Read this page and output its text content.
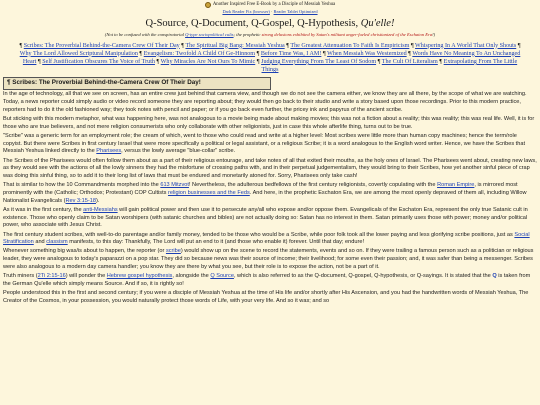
Another Inspired Free E-Book by a Disciple of Messiah Yeshua
Dark Reader Fix (browser) · Reader Tablet Optimized
Q-Source, Q-Document, Q-Gospel, Q-Hypothesis, Qu'elle!
(Not to be confused with the conspiratorial Q-type sociopolitical cults; the prophetic strong delusions exhibited by Satan's militant anger-fueled christianized of the Eschaton Era!)
¶ Scribes: The Proverbial Behind-the-Camera Crew Of Their Day ¶ The Spiritual Big Bang: Messiah Yeshua ¶ The Greatest Attenuation To Faith Is Empiricism ¶ Whispering In A World That Only Shouts ¶ Why The Lord Allowed Scriptural Manipulation ¶ Evangelism: Twofold A Child Of Ge-Hinnom ¶ Before Time Was, I AM! ¶ When Messiah Was Westernized ¶ Words Have No Meaning To An Unchanged Heart ¶ Self Justification Obscures The Voice of Truth ¶ Why Miracles Are Not Ours To Mimic ¶ Judging Everything From The Least Of Sodom ¶ The Cult Of Literalism ¶ Extrapolating From The Little Things
¶ Scribes: The Proverbial Behind-the-Camera Crew Of Their Day!

In the age of technology, all that we see on screen, has an entire crew just behind that camera view, and though we do not see the camera either, we know they are all there, by the scope of what we are watching. Today, a news reporter could simply audio or video record someone they are reporting about; they would then go back to their studio and write a story based upon those recordings. Prior to this modern practice, reporters had to do it the old fashioned way; they took notes with pencil and paper; or if you go back even further, the pricey ink and papyrus of the ancient scribe.

But sticking with this modern metaphor, what was happening here, was not analogous to a movie being made about making movies; this was not a fiction about a reality; this was reality; this was real life. Well, it is for those who are true believers, and not mere religion consumerists who only collaborate with other religionists, just in case this whole afterlife thing, turns out to be true.

"Scribe" was a generic term for an employment role; the cream of which, went to those who could read and write at a higher level: Most scribes were little more than human copy machines; hence the term/role copyist. But there were Scribes in first century Israel that were more specifically a political or legal assistant, or a religious Scribe; it is a word analogous to the English word writer. Hence, we have the Scribes that Messiah Yeshua linked directly to the Pharisees, versus the lowly average "blue-collar" scribe.

The Scribes of the Pharisees would often follow them about as a part of their religious entourage, and take notes of all that exited their mouths, as the holy ones of Israel. The Pharisees went about, creating new laws, as they would see with the actions of all the lowly sinners they had the misfortune of crossing paths with, and in their perpetual judgementalism, they would bring to their Scribes, how yet another sinful piece of crap was doing this sinful thing, so to add it to their long list of laws that must be endured and monetarily atoned for. Sorry, Pharisees only take cash!

That is similar to how the 10 Commandments morphed into the 613 Mitzvot! Nevertheless, the adulterous bedfellows of the first century religionists, covertly copulating with the Roman Empire, is mirrored most prominently with the (Catholic; Orthodox; Protestant) COP Cultists religion businesses and the Feds. And here, in the prophetic Eschaton Era, we are among the most openly depraved of them all, including Willow Nationalist Evangelicals (Rev 3:15-18).

As it was in the first century, the anti-Messiahs will gain political power and then use it to persecute any/all who expose and/or oppose them. Evangelicals of the Eschaton Era, represent the only true Satanic cult in existence. Those who openly claim to be Satan worshipers (with satanic churches and bibles) are not actually doing so: Satan has no interest in them. Satan primarily uses those with power; money and/or political power, who associate with Jesus Christ.

The first century student scribes, with well-to-do parentage and/or family money, tended to be those who would be a Scribe, while poor folk took all the lower paying and less glorifying scribe positions, just as Social Stratification and classism manifests, to this day: Thankfully, The Lord will put an end to it (and those who enable it) forever. Until that day; endure!

Whenever something big was/is about to happen, the reporter (or scribe) would show up on the scene to record the statements, events and so on. If they were trailing a famous person such as a politician or religious leader, they were analogous to today's paparazzi on a pop star. They did so because news was their source of income; their livelihood; for some even their passion; and, it was safer than being a messenger. Scribes were also analogous to a modern day camera handler; you know they are there by what you see, but their role is to expose the action, not be a part of it.

Truth miners (2Ti 2:15-16) will ponder the Hebrew gospel hypothesis, alongside the Q Source, which is also referred to as the Q-document, Q-gospel, Q-hypothesis, or Q-sayings. It is stated that the Q is taken from the German Qu'elle which simply means Source. And if so, it is rightly so!

People understood this in the first and second century; if you were a disciple of Messiah Yeshua at the time of His life and/or shortly after His Ascension, and you had the handwritten words of Messiah Yeshua, The Creator of the Cosmos, in your possession, you would naturally protect those words of Life, with your very life. And so it was; and so
